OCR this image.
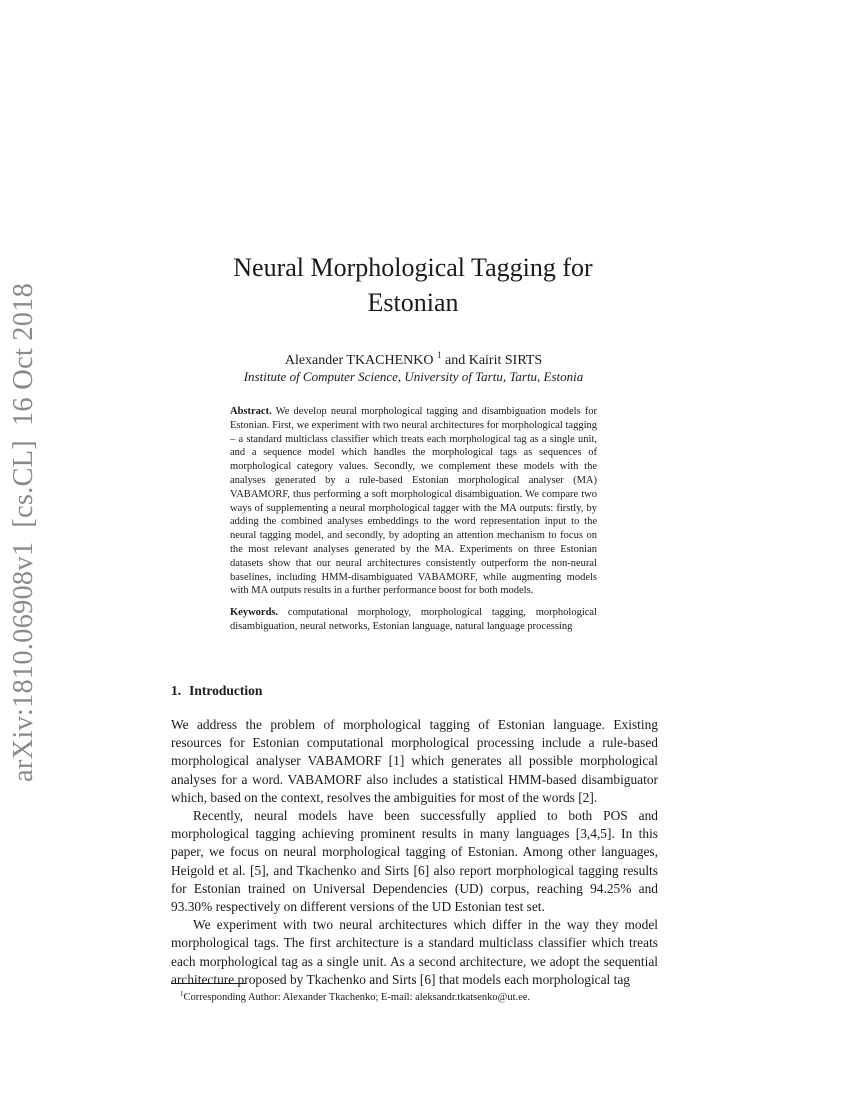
arXiv:1810.06908v1[cs.CL]16 Oct 2018
Neural Morphological Tagging for
Estonian
Alexander TKACHENKO $^1$ and Kairit SIRTS
Institute of Computer Science, University of Tartu, Tartu, Estonia
Abstract. We develop neural morphological tagging and disambiguation models for Estonian. First, we experiment with two neural architectures for morphological tagging – a standard multiclass classifier which treats each morphological tag as a single unit, and a sequence model which handles the morphological tags as sequences of morphological category values. Secondly, we complement these models with the analyses generated by a rule-based Estonian morphological analyser (MA) VABAMORF, thus performing a soft morphological disambiguation. We compare two ways of supplementing a neural morphological tagger with the MA outputs: firstly, by adding the combined analyses embeddings to the word representation input to the neural tagging model, and secondly, by adopting an attention mechanism to focus on the most relevant analyses generated by the MA. Experiments on three Estonian datasets show that our neural architectures consistently outperform the non-neural baselines, including HMM-disambiguated VABAMORF, while augmenting models with MA outputs results in a further performance boost for both models.
Keywords. computational morphology, morphological tagging, morphological disambiguation, neural networks, Estonian language, natural language processing
1. Introduction

We address the problem of morphological tagging of Estonian language. Existing resources for Estonian computational morphological processing include a rule-based morphological analyser VABAMORF [1] which generates all possible morphological analyses for a word. VABAMORF also includes a statistical HMM-based disambiguator which, based on the context, resolves the ambiguities for most of the words [2].

Recently, neural models have been successfully applied to both POS and morphological tagging achieving prominent results in many languages [3,4,5]. In this paper, we focus on neural morphological tagging of Estonian. Among other languages, Heigold et al. [5], and Tkachenko and Sirts [6] also report morphological tagging results for Estonian trained on Universal Dependencies (UD) corpus, reaching 94.25% and 93.30% respectively on different versions of the UD Estonian test set.

We experiment with two neural architectures which differ in the way they model morphological tags. The first architecture is a standard multiclass classifier which treats each morphological tag as a single unit. As a second architecture, we adopt the sequential architecture proposed by Tkachenko and Sirts [6] that models each morphological tag

$^1$Corresponding Author: Alexander Tkachenko; E-mail: aleksandr.tkatsenko@ut.ee.
